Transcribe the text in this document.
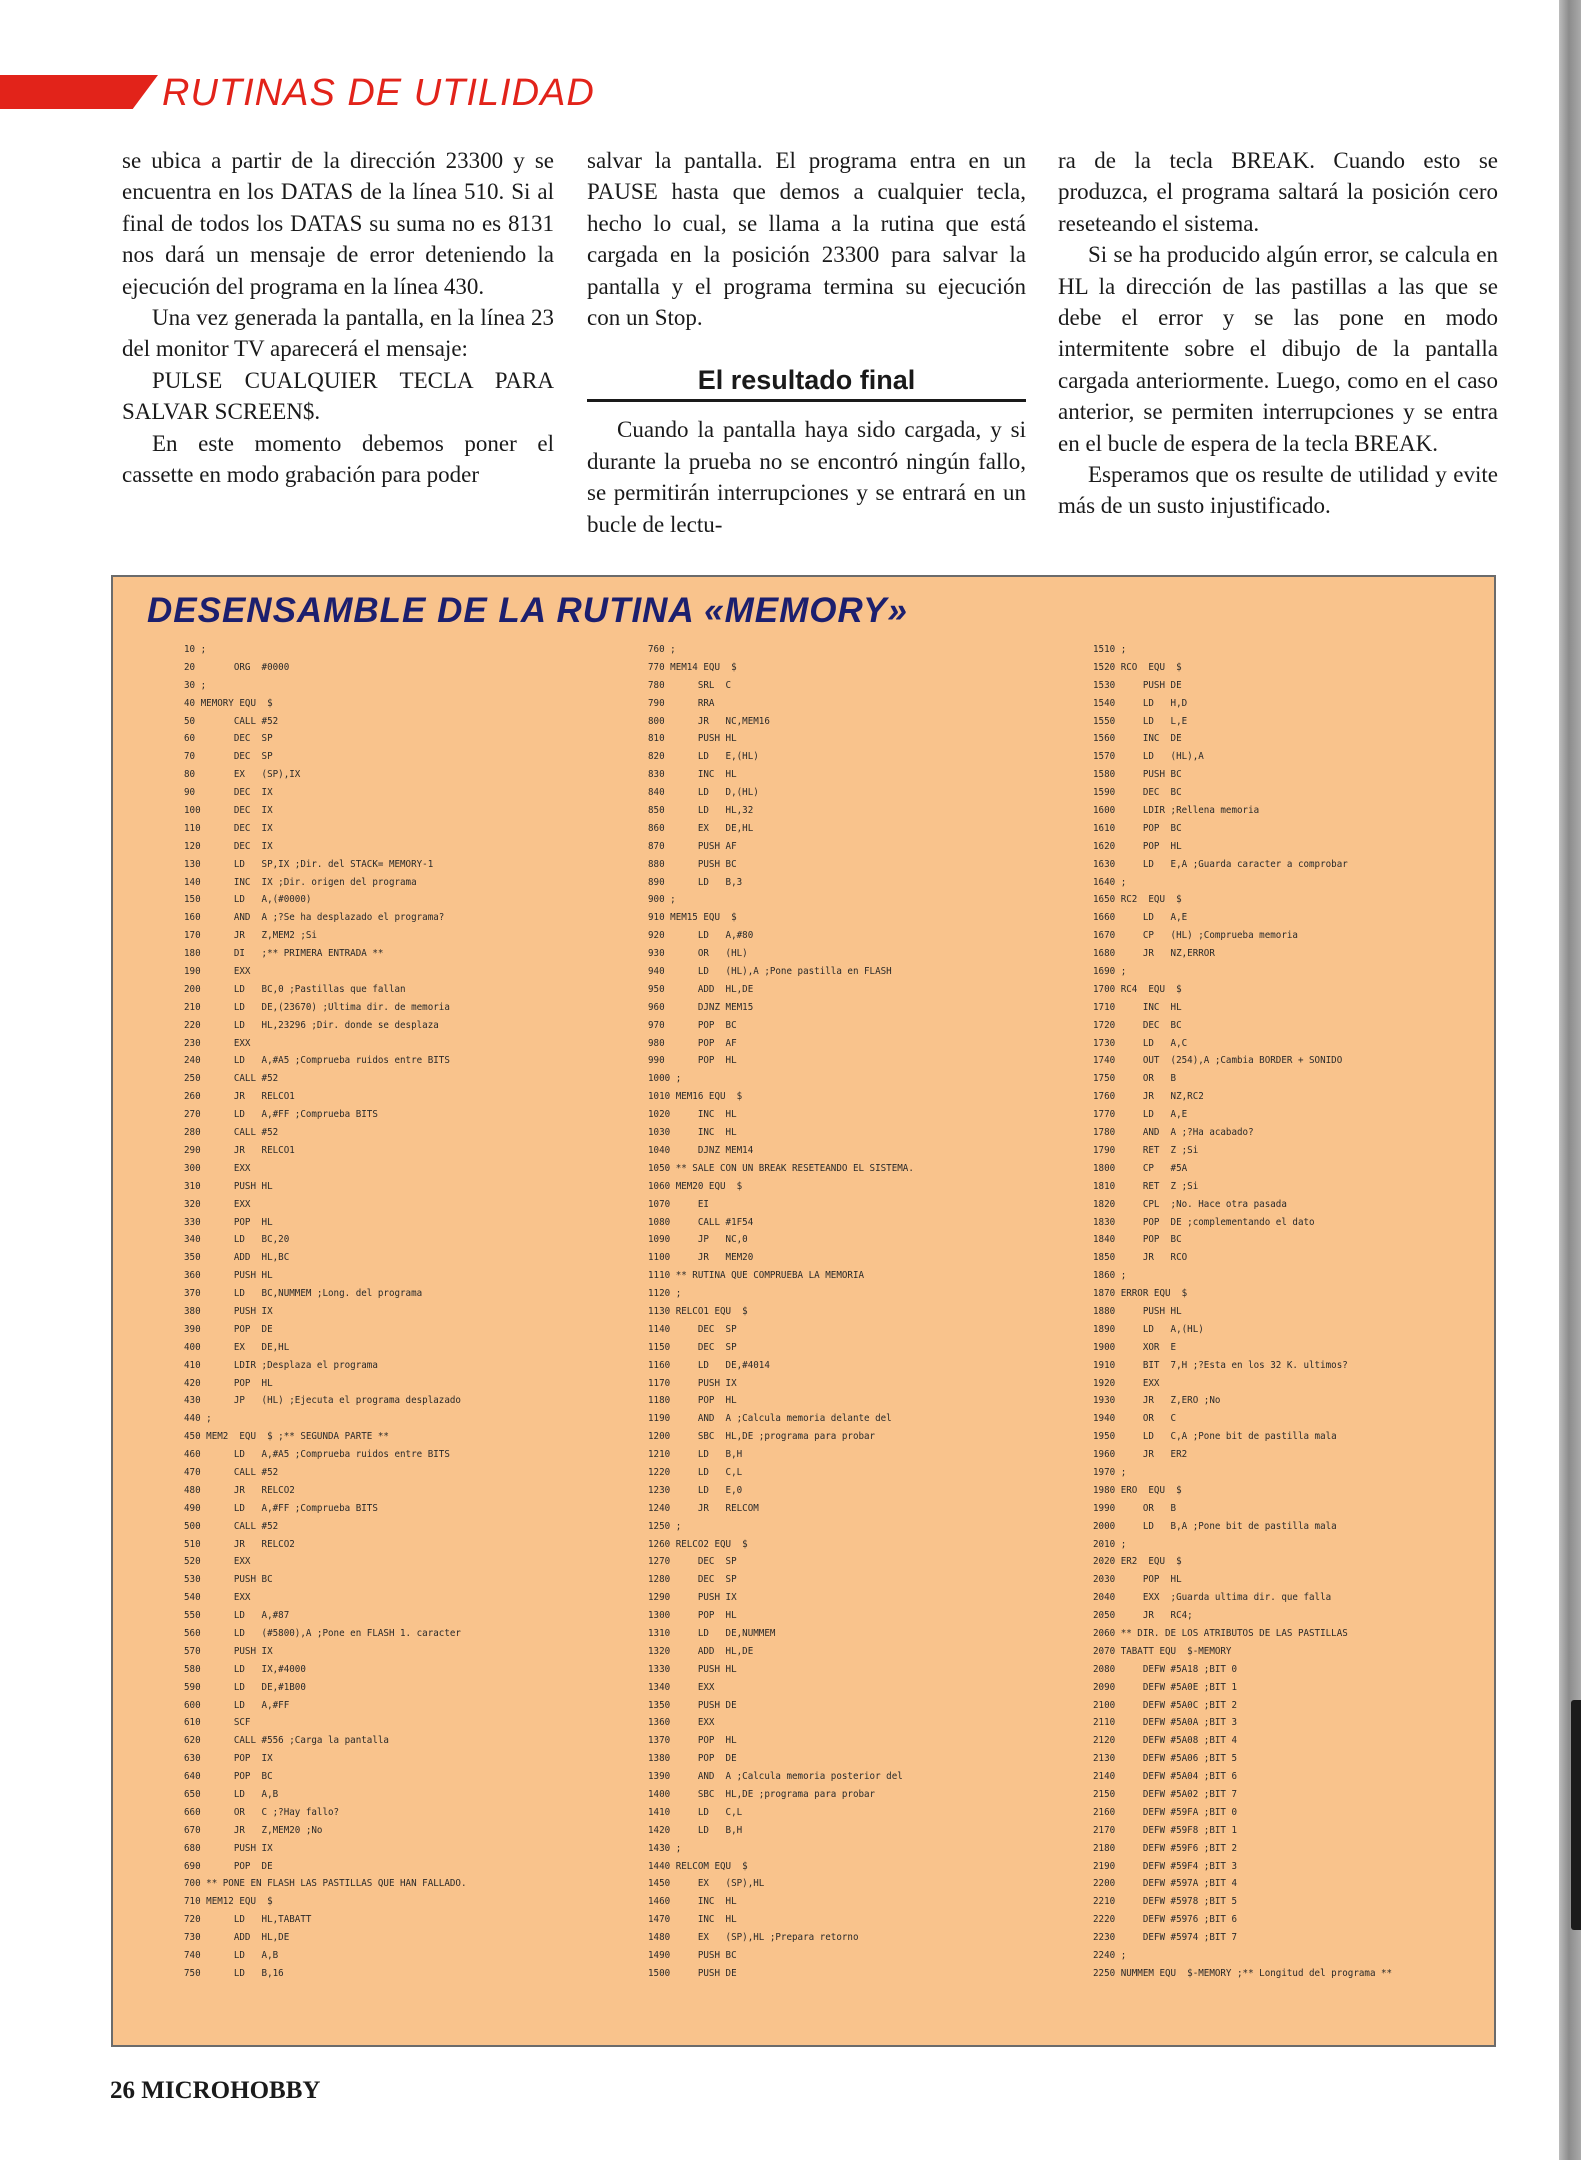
RUTINAS DE UTILIDAD

se ubica a partir de la dirección 23300 y se encuentra en los DATAS de la línea 510. Si al final de todos los DATAS su suma no es 8131 nos dará un mensaje de error deteniendo la ejecución del programa en la línea 430.

Una vez generada la pantalla, en la línea 23 del monitor TV aparecerá el mensaje:

PULSE CUALQUIER TECLA PARA SALVAR SCREEN$.

En este momento debemos poner el cassette en modo grabación para poder

salvar la pantalla. El programa entra en un PAUSE hasta que demos a cualquier tecla, hecho lo cual, se llama a la rutina que está cargada en la posición 23300 para salvar la pantalla y el programa termina su ejecución con un Stop.

El resultado final

Cuando la pantalla haya sido cargada, y si durante la prueba no se encontró ningún fallo, se permitirán interrupciones y se entrará en un bucle de lectu-

ra de la tecla BREAK. Cuando esto se produzca, el programa saltará la posición cero reseteando el sistema.

Si se ha producido algún error, se calcula en HL la dirección de las pastillas a las que se debe el error y se las pone en modo intermitente sobre el dibujo de la pantalla cargada anteriormente. Luego, como en el caso anterior, se permiten interrupciones y se entra en el bucle de espera de la tecla BREAK.

Esperamos que os resulte de utilidad y evite más de un susto injustificado.

DESENSAMBLE DE LA RUTINA «MEMORY»
10 ;
20       ORG  #0000
30 ;
40 MEMORY EQU  $
50       CALL #52
60       DEC  SP
70       DEC  SP
80       EX   (SP),IX
90       DEC  IX
100      DEC  IX
110      DEC  IX
120      DEC  IX
130      LD   SP,IX ;Dir. del STACK= MEMORY-1
140      INC  IX ;Dir. origen del programa
150      LD   A,(#0000)
160      AND  A ;?Se ha desplazado el programa?
170      JR   Z,MEM2 ;Si
180      DI   ;** PRIMERA ENTRADA **
190      EXX
200      LD   BC,0 ;Pastillas que fallan
210      LD   DE,(23670) ;Ultima dir. de memoria
220      LD   HL,23296 ;Dir. donde se desplaza
230      EXX
240      LD   A,#A5 ;Comprueba ruidos entre BITS
250      CALL #52
260      JR   RELCO1
270      LD   A,#FF ;Comprueba BITS
280      CALL #52
290      JR   RELCO1
300      EXX
310      PUSH HL
320      EXX
330      POP  HL
340      LD   BC,20
350      ADD  HL,BC
360      PUSH HL
370      LD   BC,NUMMEM ;Long. del programa
380      PUSH IX
390      POP  DE
400      EX   DE,HL
410      LDIR ;Desplaza el programa
420      POP  HL
430      JP   (HL) ;Ejecuta el programa desplazado
440 ;
450 MEM2  EQU  $ ;** SEGUNDA PARTE **
460      LD   A,#A5 ;Comprueba ruidos entre BITS
470      CALL #52
480      JR   RELCO2
490      LD   A,#FF ;Comprueba BITS
500      CALL #52
510      JR   RELCO2
520      EXX
530      PUSH BC
540      EXX
550      LD   A,#87
560      LD   (#5800),A ;Pone en FLASH 1. caracter
570      PUSH IX
580      LD   IX,#4000
590      LD   DE,#1B00
600      LD   A,#FF
610      SCF
620      CALL #556 ;Carga la pantalla
630      POP  IX
640      POP  BC
650      LD   A,B
660      OR   C ;?Hay fallo?
670      JR   Z,MEM20 ;No
680      PUSH IX
690      POP  DE
700 ** PONE EN FLASH LAS PASTILLAS QUE HAN FALLADO.
710 MEM12 EQU  $
720      LD   HL,TABATT
730      ADD  HL,DE
740      LD   A,B
750      LD   B,16
760 ;
770 MEM14 EQU  $
780      SRL  C
790      RRA
800      JR   NC,MEM16
810      PUSH HL
820      LD   E,(HL)
830      INC  HL
840      LD   D,(HL)
850      LD   HL,32
860      EX   DE,HL
870      PUSH AF
880      PUSH BC
890      LD   B,3
900 ;
910 MEM15 EQU  $
920      LD   A,#80
930      OR   (HL)
940      LD   (HL),A ;Pone pastilla en FLASH
950      ADD  HL,DE
960      DJNZ MEM15
970      POP  BC
980      POP  AF
990      POP  HL
1000 ;
1010 MEM16 EQU  $
1020     INC  HL
1030     INC  HL
1040     DJNZ MEM14
1050 ** SALE CON UN BREAK RESETEANDO EL SISTEMA.
1060 MEM20 EQU  $
1070     EI
1080     CALL #1F54
1090     JP   NC,0
1100     JR   MEM20
1110 ** RUTINA QUE COMPRUEBA LA MEMORIA
1120 ;
1130 RELCO1 EQU  $
1140     DEC  SP
1150     DEC  SP
1160     LD   DE,#4014
1170     PUSH IX
1180     POP  HL
1190     AND  A ;Calcula memoria delante del
1200     SBC  HL,DE ;programa para probar
1210     LD   B,H
1220     LD   C,L
1230     LD   E,0
1240     JR   RELCOM
1250 ;
1260 RELCO2 EQU  $
1270     DEC  SP
1280     DEC  SP
1290     PUSH IX
1300     POP  HL
1310     LD   DE,NUMMEM
1320     ADD  HL,DE
1330     PUSH HL
1340     EXX
1350     PUSH DE
1360     EXX
1370     POP  HL
1380     POP  DE
1390     AND  A ;Calcula memoria posterior del
1400     SBC  HL,DE ;programa para probar
1410     LD   C,L
1420     LD   B,H
1430 ;
1440 RELCOM EQU  $
1450     EX   (SP),HL
1460     INC  HL
1470     INC  HL
1480     EX   (SP),HL ;Prepara retorno
1490     PUSH BC
1500     PUSH DE
1510 ;
1520 RCO  EQU  $
1530     PUSH DE
1540     LD   H,D
1550     LD   L,E
1560     INC  DE
1570     LD   (HL),A
1580     PUSH BC
1590     DEC  BC
1600     LDIR ;Rellena memoria
1610     POP  BC
1620     POP  HL
1630     LD   E,A ;Guarda caracter a comprobar
1640 ;
1650 RC2  EQU  $
1660     LD   A,E
1670     CP   (HL) ;Comprueba memoria
1680     JR   NZ,ERROR
1690 ;
1700 RC4  EQU  $
1710     INC  HL
1720     DEC  BC
1730     LD   A,C
1740     OUT  (254),A ;Cambia BORDER + SONIDO
1750     OR   B
1760     JR   NZ,RC2
1770     LD   A,E
1780     AND  A ;?Ha acabado?
1790     RET  Z ;Si
1800     CP   #5A
1810     RET  Z ;Si
1820     CPL  ;No. Hace otra pasada
1830     POP  DE ;complementando el dato
1840     POP  BC
1850     JR   RCO
1860 ;
1870 ERROR EQU  $
1880     PUSH HL
1890     LD   A,(HL)
1900     XOR  E
1910     BIT  7,H ;?Esta en los 32 K. ultimos?
1920     EXX
1930     JR   Z,ERO ;No
1940     OR   C
1950     LD   C,A ;Pone bit de pastilla mala
1960     JR   ER2
1970 ;
1980 ERO  EQU  $
1990     OR   B
2000     LD   B,A ;Pone bit de pastilla mala
2010 ;
2020 ER2  EQU  $
2030     POP  HL
2040     EXX  ;Guarda ultima dir. que falla
2050     JR   RC4;
2060 ** DIR. DE LOS ATRIBUTOS DE LAS PASTILLAS
2070 TABATT EQU  $-MEMORY
2080     DEFW #5A18 ;BIT 0
2090     DEFW #5A0E ;BIT 1
2100     DEFW #5A0C ;BIT 2
2110     DEFW #5A0A ;BIT 3
2120     DEFW #5A08 ;BIT 4
2130     DEFW #5A06 ;BIT 5
2140     DEFW #5A04 ;BIT 6
2150     DEFW #5A02 ;BIT 7
2160     DEFW #59FA ;BIT 0
2170     DEFW #59F8 ;BIT 1
2180     DEFW #59F6 ;BIT 2
2190     DEFW #59F4 ;BIT 3
2200     DEFW #597A ;BIT 4
2210     DEFW #5978 ;BIT 5
2220     DEFW #5976 ;BIT 6
2230     DEFW #5974 ;BIT 7
2240 ;
2250 NUMMEM EQU  $-MEMORY ;** Longitud del programa **
26 MICROHOBBY
